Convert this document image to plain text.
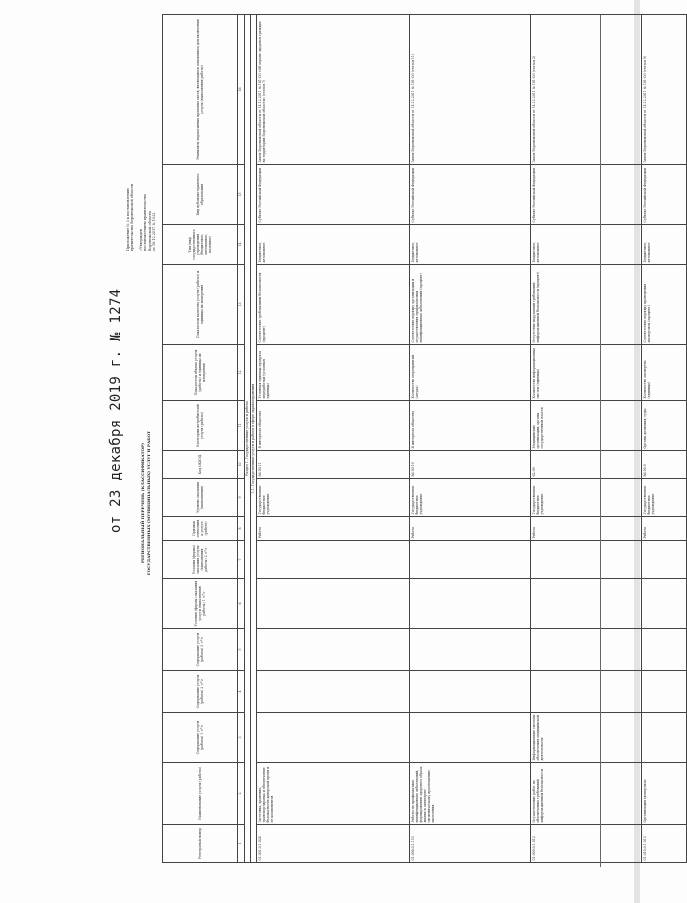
Приложение № 3 к постановлению правительства Воронежской области «Утвержден постановлением правительства Воронежской области от 18.12.2017 № 1032
от 23 декабря 2019 г. № 1274	РЕГИОНАЛЬНЫЙ ПЕРЕЧЕНЬ (КЛАССИФИКАТОР) ГОСУДАРСТВЕННЫХ (МУНИЦИПАЛЬНЫХ) УСЛУГ И РАБОТ
Реестровый номер	Наименование услуги (работы)	Содержание услуги (работы) 1 <*>	Содержание услуги (работы) 2 <*>	Содержание услуги (работы) 3 <*>	Условия (формы) оказания услуги (выполнения работы) 1 <*>	Условия (формы) оказания услуги (выполнения работы) 2 <*>	Признак отнесения к услуге (работе)	Уровень оказания (выполнения)	Код ОКВЭД	Категории потребителей услуги (работы)	Показатели объема услуги (работы) и единицы их измерения	Показатели качества услуги (работы) и единицы их измерения	Тип (вид) государственного учреждения (бюджетное, автономное, казенное)	Вид публично-правового образования	Реквизиты нормативных правовых актов, являющихся основанием для включения услуги (выполнения работы)
1	2	3	4	5	6	7	8	9	10	11	12	13	14	15	16
Раздел 1. Государственные услуги и работы															
1.1. Государственные услуги и работы в сфере здравоохранения															
01.001.0.1.024	Заготовка, хранение, транспортировка и обеспечение безопасности донорской крови и ее компонентов						Работа	Государственное бюджетное учреждение	86.90.11	В интересах общества	Условная единица продукта переработки (условная единица)	Соответствие требованиям безопасности (процент)	Бюджетное, автономное	Субъект Российской Федерации	Закон Воронежской области от 14.12.2011 № 181-ОЗ «Об охране здоровья граждан на территории Воронежской области» (статья 7)
01.008.0.1.153	Работы по профилактике неинфекционных заболеваний, формированию здорового образа жизни и санитарно-гигиеническому просвещению населения						Работа	Государственное бюджетное учреждение	86.90.19	В интересах общества	Количество мероприятий (штука)	Соответствие порядку организации и осуществления профилактики неинфекционных заболеваний (процент)	Бюджетное, автономное	Субъект Российской Федерации	Закон Воронежской области от 14.12.2011 № 181-ОЗ (статья 11)
01.009.0.1.012	Осуществление работ по обеспечению требований информационной безопасности	Информационные системы обеспечения медицинской деятельности					Работа	Государственное бюджетное учреждение	62.09	Медицинские организации, органы государственной власти	Количество информационных систем (единица)	Отсутствие нарушений требований информационной безопасности (процент)	Бюджетное, автономное	Субъект Российской Федерации	Закон Воронежской области от 14.12.2011 № 181-ОЗ (статья 2)
01.010.0.1.013	Организация экспертизы						Работа	Государственное бюджетное учреждение	86.90.9	Органы дознания, суды	Количество экспертиз (единица)	Соответствие порядку проведения экспертизы (процент)	Бюджетное, автономное	Субъект Российской Федерации	Закон Воронежской области от 14.12.2011 № 181-ОЗ (статья 9)
